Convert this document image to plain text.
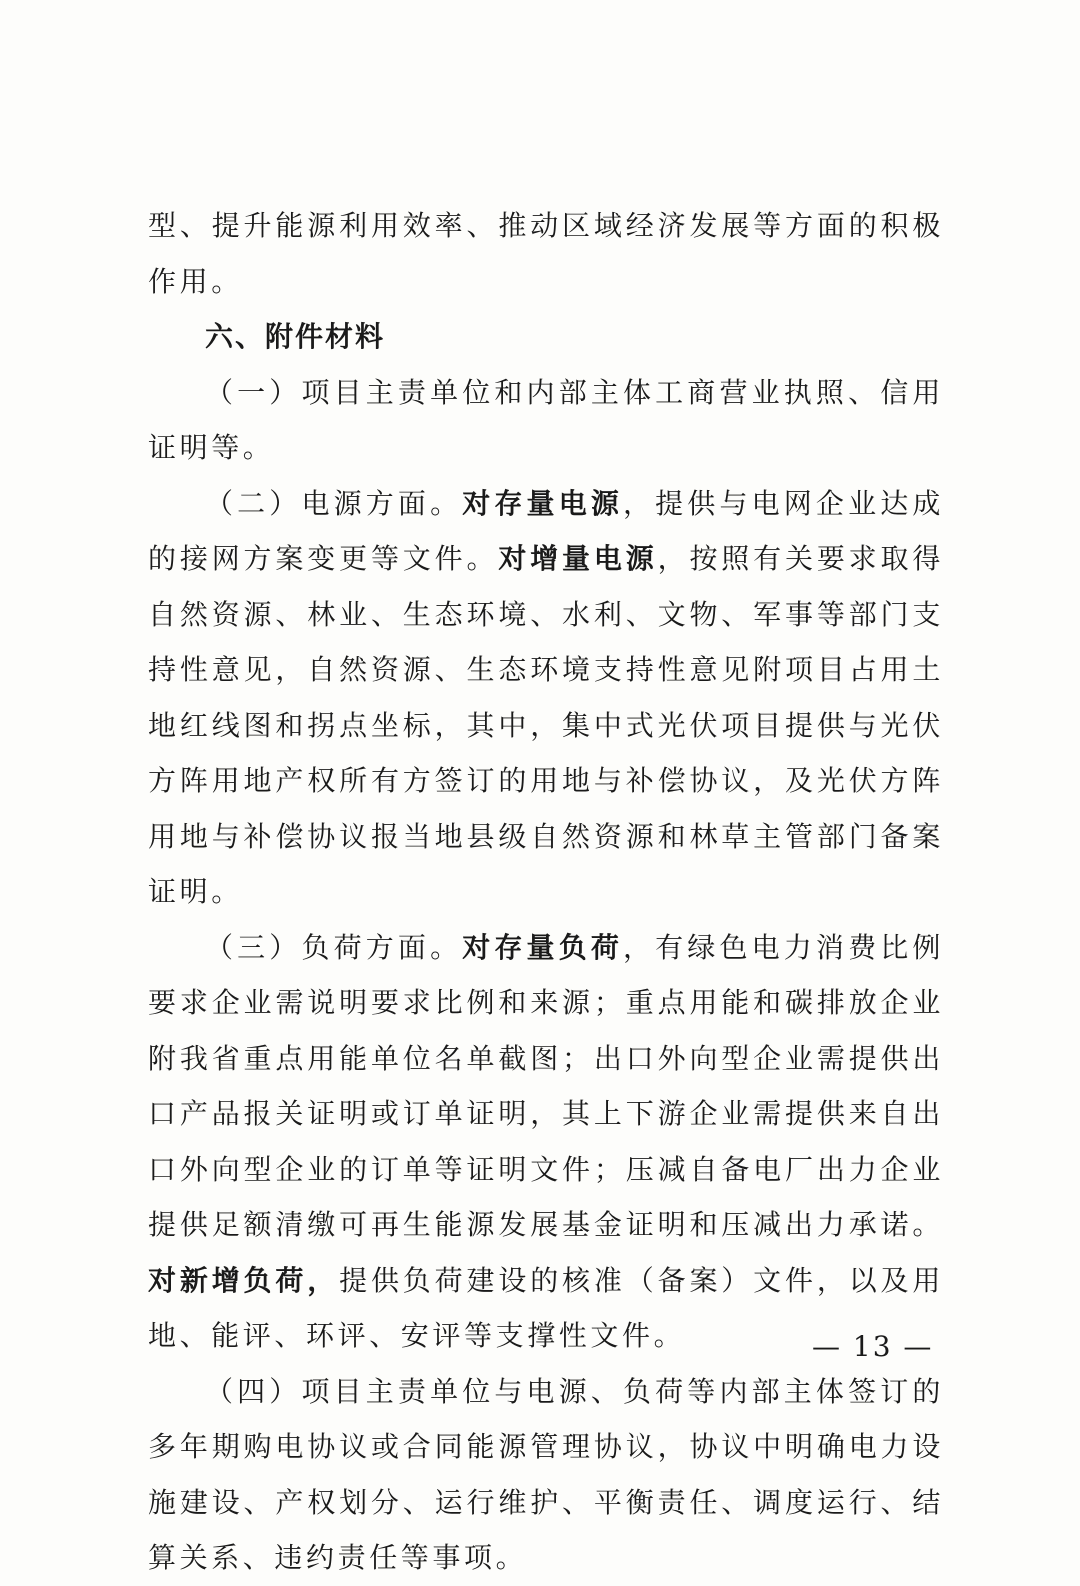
型、提升能源利用效率、推动区域经济发展等方面的积极作用。

六、附件材料

（一）项目主责单位和内部主体工商营业执照、信用证明等。

（二）电源方面。对存量电源，提供与电网企业达成的接网方案变更等文件。对增量电源，按照有关要求取得自然资源、林业、生态环境、水利、文物、军事等部门支持性意见，自然资源、生态环境支持性意见附项目占用土地红线图和拐点坐标，其中，集中式光伏项目提供与光伏方阵用地产权所有方签订的用地与补偿协议，及光伏方阵用地与补偿协议报当地县级自然资源和林草主管部门备案证明。

（三）负荷方面。对存量负荷，有绿色电力消费比例要求企业需说明要求比例和来源；重点用能和碳排放企业附我省重点用能单位名单截图；出口外向型企业需提供出口产品报关证明或订单证明，其上下游企业需提供来自出口外向型企业的订单等证明文件；压减自备电厂出力企业提供足额清缴可再生能源发展基金证明和压减出力承诺。对新增负荷，提供负荷建设的核准（备案）文件，以及用地、能评、环评、安评等支撑性文件。

（四）项目主责单位与电源、负荷等内部主体签订的多年期购电协议或合同能源管理协议，协议中明确电力设施建设、产权划分、运行维护、平衡责任、调度运行、结算关系、违约责任等事项。

— 13 —
